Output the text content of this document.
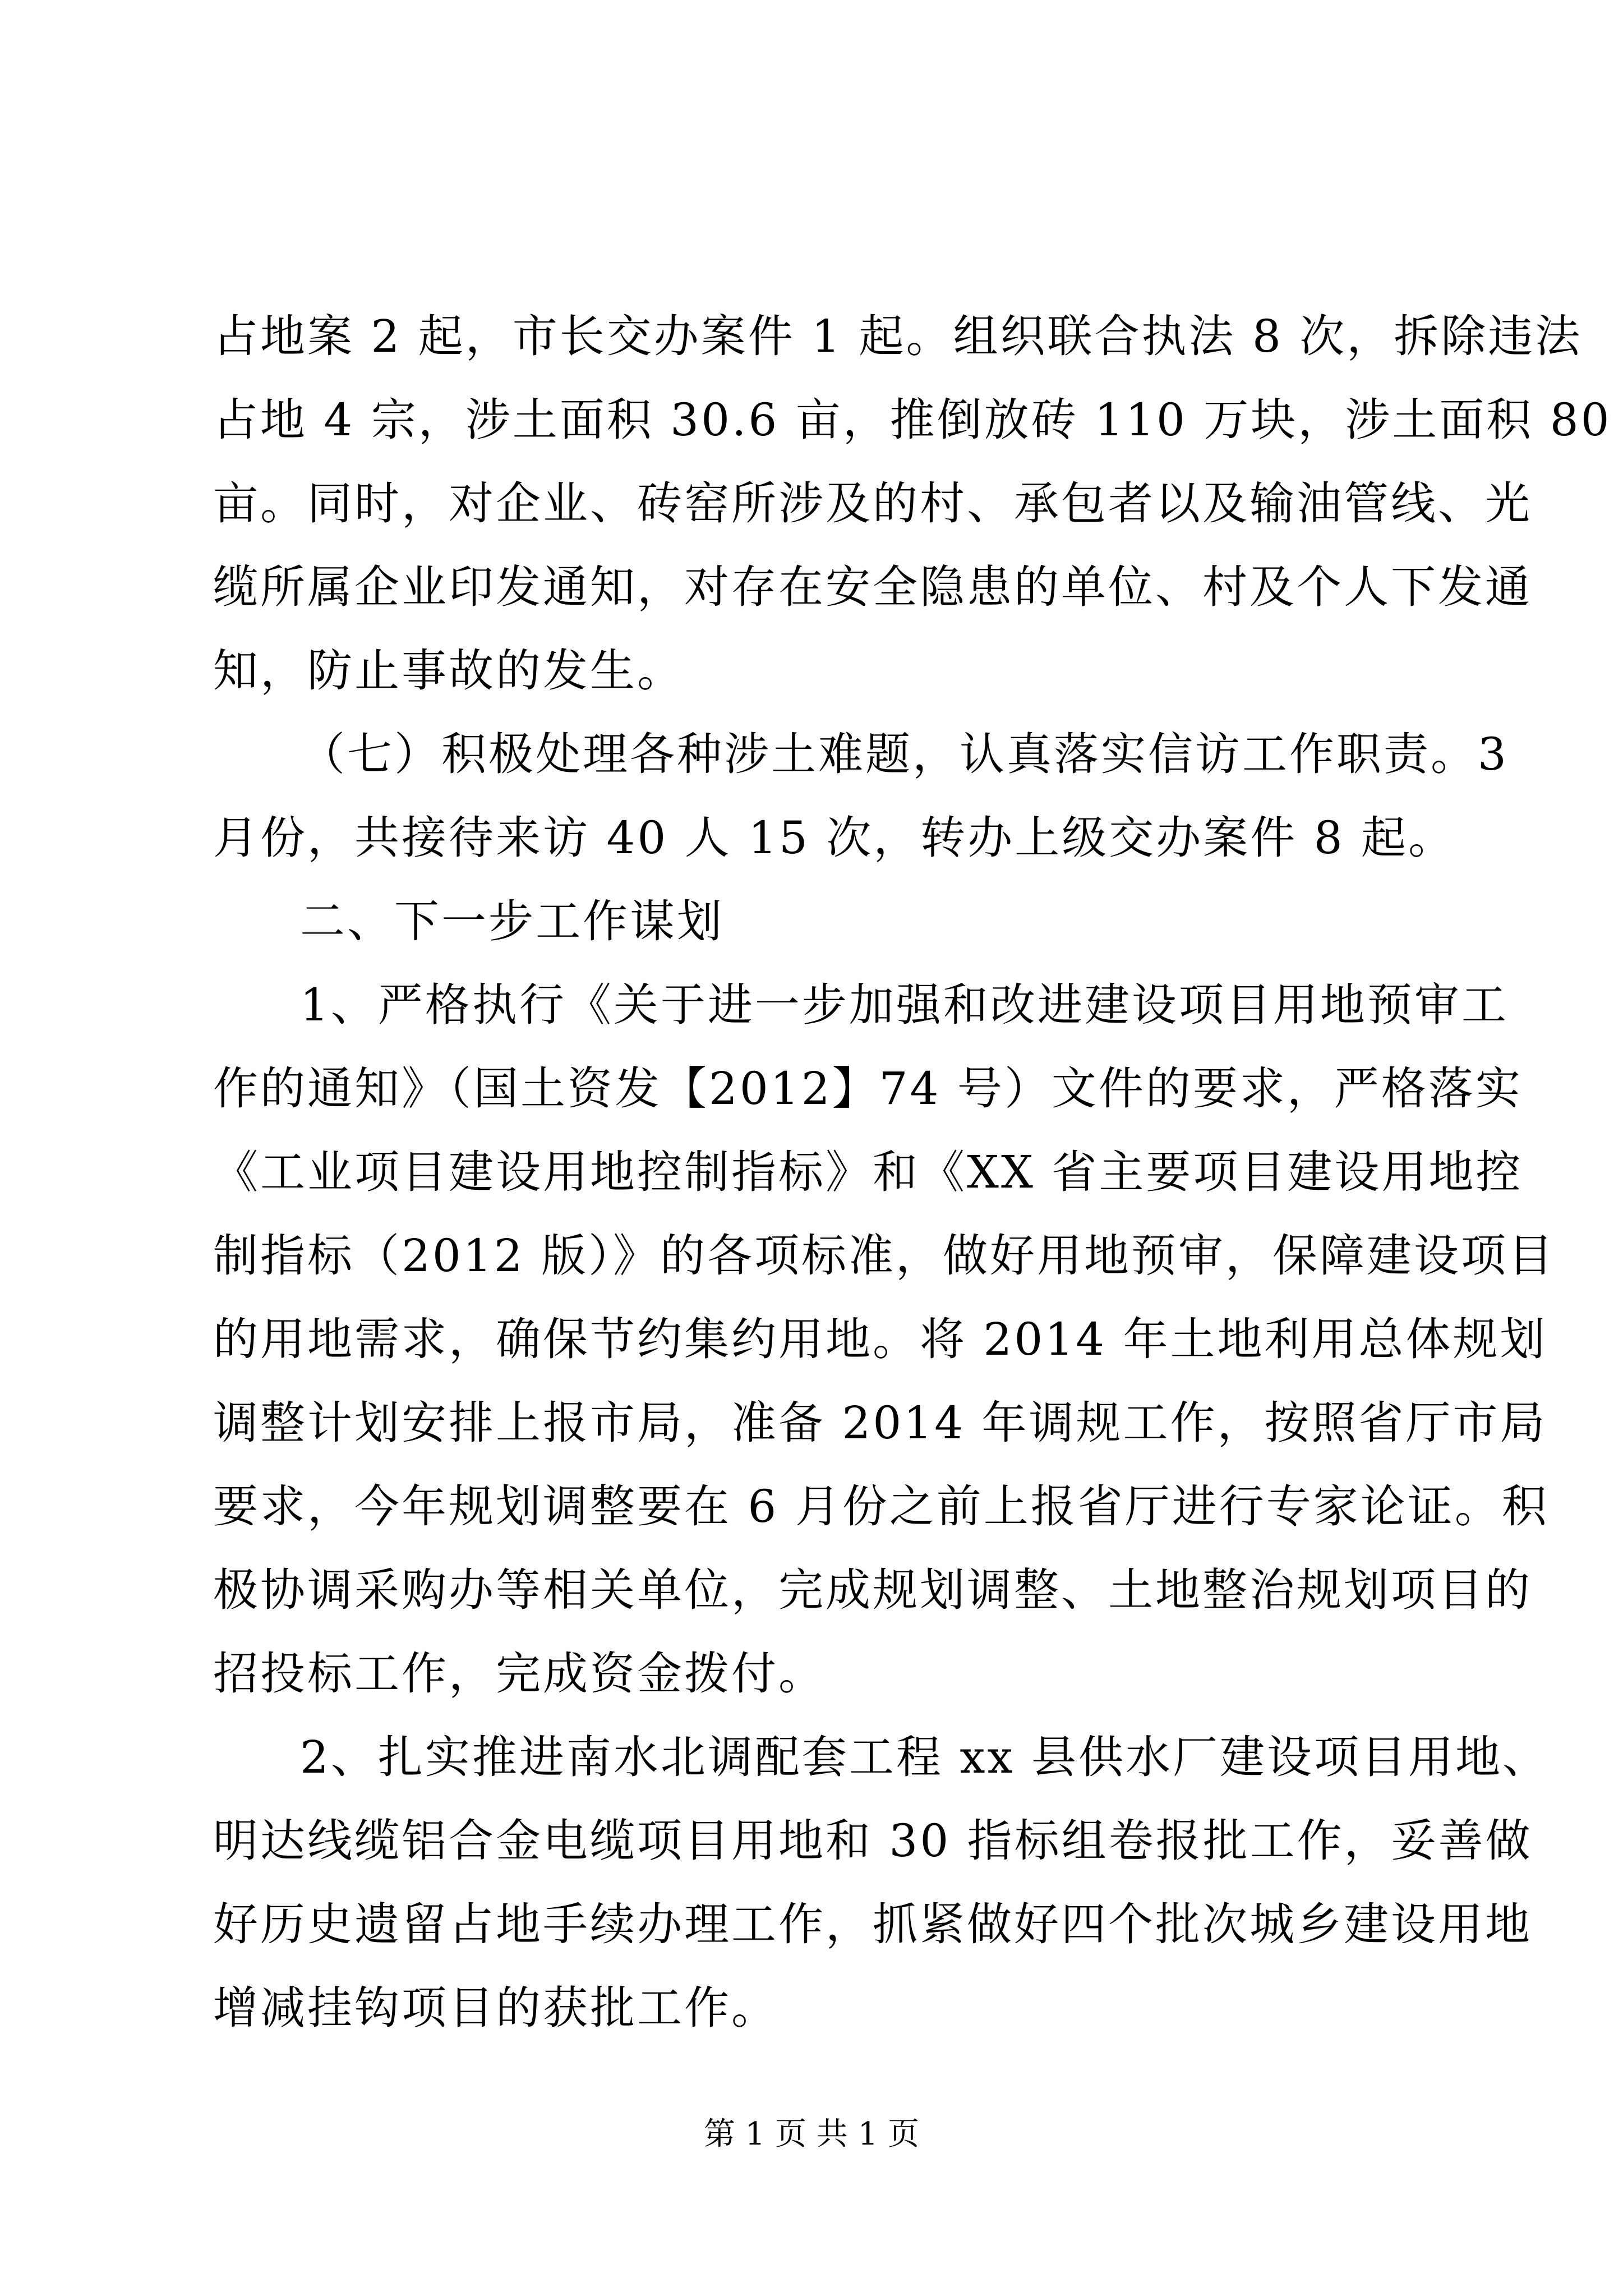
占地案 2 起，市长交办案件 1 起。组织联合执法 8 次，拆除违法
占地 4 宗，涉土面积 30.6 亩，推倒放砖 110 万块，涉土面积 80
亩。同时，对企业、砖窑所涉及的村、承包者以及输油管线、光
缆所属企业印发通知，对存在安全隐患的单位、村及个人下发通
知，防止事故的发生。
（七）积极处理各种涉土难题，认真落实信访工作职责。3
月份，共接待来访 40 人 15 次，转办上级交办案件 8 起。
二、下一步工作谋划
1、严格执行《关于进一步加强和改进建设项目用地预审工
作的通知》（国土资发【2012】74 号）文件的要求，严格落实
《工业项目建设用地控制指标》和《XX 省主要项目建设用地控
制指标（2012 版）》的各项标准，做好用地预审，保障建设项目
的用地需求，确保节约集约用地。将 2014 年土地利用总体规划
调整计划安排上报市局，准备 2014 年调规工作，按照省厅市局
要求，今年规划调整要在 6 月份之前上报省厅进行专家论证。积
极协调采购办等相关单位，完成规划调整、土地整治规划项目的
招投标工作，完成资金拨付。
2、扎实推进南水北调配套工程 xx 县供水厂建设项目用地、
明达线缆铝合金电缆项目用地和 30 指标组卷报批工作，妥善做
好历史遗留占地手续办理工作，抓紧做好四个批次城乡建设用地
增减挂钩项目的获批工作。
第 1 页 共 1 页
